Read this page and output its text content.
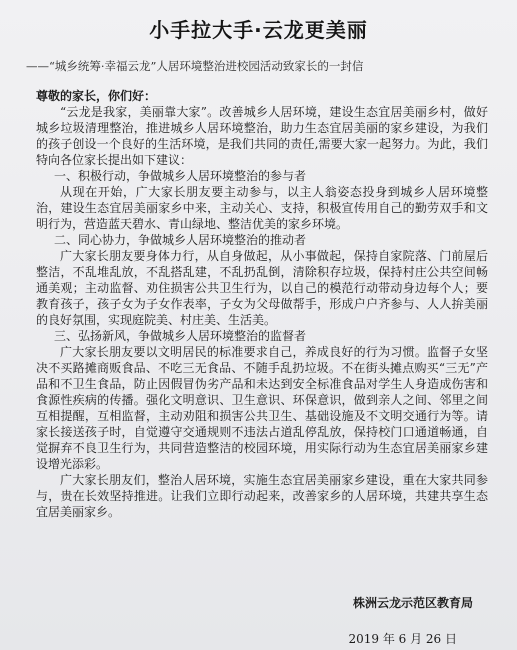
小手拉大手·云龙更美丽
——“城乡统筹·幸福云龙”人居环境整治进校园活动致家长的一封信

尊敬的家长，你们好：

“云龙是我家，美丽靠大家”。改善城乡人居环境，建设生态宜居美丽乡村，做好城乡垃圾清理整治，推进城乡人居环境整治，助力生态宜居美丽的家乡建设，为我们的孩子创设一个良好的生活环境，是我们共同的责任,需要大家一起努力。为此，我们特向各位家长提出如下建议：

一、积极行动，争做城乡人居环境整治的参与者

从现在开始，广大家长朋友要主动参与，以主人翁姿态投身到城乡人居环境整治，建设生态宜居美丽家乡中来，主动关心、支持，积极宣传用自己的勤劳双手和文明行为，营造蓝天碧水、青山绿地、整洁优美的家乡环境。

二、同心协力，争做城乡人居环境整治的推动者

广大家长朋友要身体力行，从自身做起，从小事做起，保持自家院落、门前屋后整洁，不乱堆乱放，不乱搭乱建，不乱扔乱倒，清除积存垃圾，保持村庄公共空间畅通美观；主动监督、劝住损害公共卫生行为，以自己的模范行动带动身边每个人；要教育孩子，孩子女为子女作表率，子女为父母做帮手，形成户户齐参与、人人拚美丽的良好氛围，实现庭院美、村庄美、生活美。

三、弘扬新风，争做城乡人居环境整治的监督者

广大家长朋友要以文明居民的标准要求自己，养成良好的行为习惯。监督子女坚决不买路摊商贩食品、不吃三无食品、不随手乱扔垃圾。不在街头摊点购买“三无”产品和不卫生食品，防止因假冒伪劣产品和未达到安全标准食品对学生人身造成伤害和食源性疾病的传播。强化文明意识、卫生意识、环保意识，做到亲人之间、邻里之间互相提醒，互相监督，主动劝阻和损害公共卫生、基础设施及不文明交通行为等。请家长接送孩子时，自觉遵守交通规则不违法占道乱停乱放，保持校门口通道畅通，自觉摒弃不良卫生行为，共同营造整洁的校园环境，用实际行动为生态宜居美丽家乡建设增光添彩。

广大家长朋友们，整治人居环境，实施生态宜居美丽家乡建设，重在大家共同参与，贵在长效坚持推进。让我们立即行动起来，改善家乡的人居环境，共建共享生态宜居美丽家乡。

株洲云龙示范区教育局
2019 年 6 月 26 日
